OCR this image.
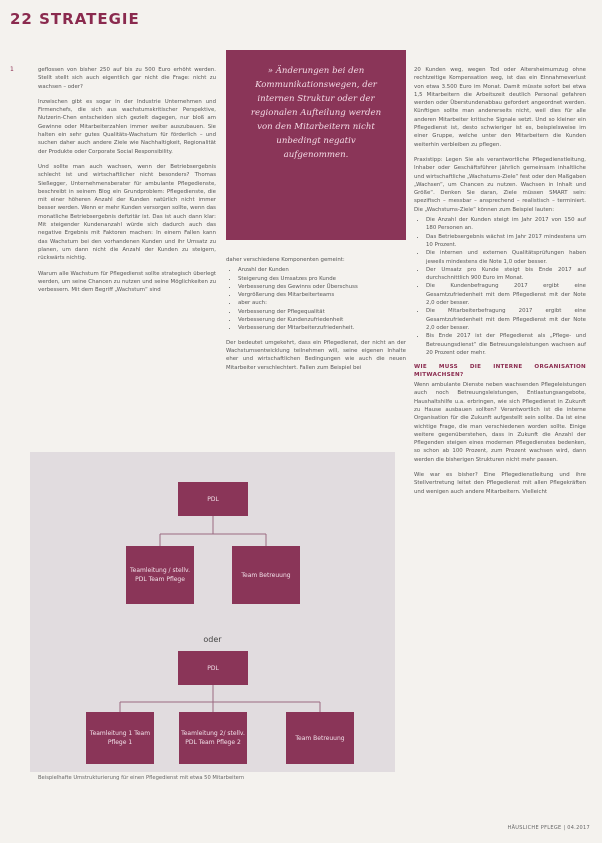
22 STRATEGIE
1	geflossen von bisher 250 auf bis zu 500 Euro erhöht werden. Stellt stellt sich auch eigentlich gar nicht die Frage: nicht zu wachsen – oder?

Inzwischen gibt es sogar in der Industrie Unternehmen und Firmenchefs, die sich aus wachstumskritischer Perspektive, Nutzerin-Chen entscheiden sich gezielt dagegen, nur bloß am Gewinne oder Mitarbeiterzahlen immer weiter auszubauen. Sie halten ein sehr gutes Qualitäts-Wachstum für förderlich – und suchen daher auch andere Ziele wie Nachhaltigkeit, Regionalität der Produkte oder Corporate Social Responsibility.

Und sollte man auch wachsen, wenn der Betriebsergebnis schlecht ist und wirtschaftlicher nicht besonders? Thomas Sießegger, Unternehmensberater für ambulante Pflegedienste, beschreibt in seinem Blog ein Grundproblem: Pflegedienste, die mit einer höheren Anzahl der Kunden natürlich nicht immer besser werden. Wenn er mehr Kunden versorgen sollte, wenn das monatliche Betriebsergebnis defizitär ist. Das ist auch dann klar: Mit steigender Kundenanzahl würde sich dadurch auch das negative Ergebnis mit Faktoren machen: In einem Fallen kann das Wachstum bei den vorhandenen Kunden und ihr Umsatz zu planen, um dann nicht die Anzahl der Kunden zu steigern, rückwärts nichtig.

Warum alle Wachstum für Pflegedienst sollte strategisch überlegt werden, um seine Chancen zu nutzen und seine Möglichkeiten zu verbessern. Mit dem Begriff „Wachstum“ sind

» Änderungen bei den Kommunikationswegen, der internen Struktur oder der regionalen Aufteilung werden von den Mitarbeitern nicht unbedingt negativ aufgenommen.

daher verschiedene Komponenten gemeint:

• Anzahl der Kunden
• Steigerung des Umsatzes pro Kunde
• Verbesserung des Gewinns oder Überschuss
• Vergrößerung des Mitarbeiterteams
• aber auch:
• Verbesserung der Pflegequalität
• Verbesserung der Kundenzufriedenheit
• Verbesserung der Mitarbeiterzufriedenheit.

Der bedeutet umgekehrt, dass ein Pflegedienst, der nicht an der Wachstumsentwicklung teilnehmen will, seine eigenen Inhalte eher und wirtschaftlichen Bedingungen wie auch die neuen Mitarbeiter verschlechtert. Fallen zum Beispiel bei

20 Kunden weg, wegen Tod oder Altersheimumzug ohne rechtzeitige Kompensation weg, ist das ein Einnahmeverlust von etwa 3.500 Euro im Monat. Damit müsste sofort bei etwa 1,5 Mitarbeitern die Arbeitszeit deutlich Personal gefahren werden oder Überstundenabbau gefordert angeordnet werden. Künftigen sollte man andererseits nicht, weil dies für alle anderen Mitarbeiter kritische Signale setzt. Und so kleiner ein Pflegedienst ist, desto schwieriger ist es, beispielsweise im einer Gruppe, welche unter den Mitarbeitern die Kunden weiterhin verbleiben zu pflegen.

Praxistipp: Legen Sie als verantwortliche Pflegedienstleitung, Inhaber oder Geschäftsführer jährlich gemeinsam inhaltliche und wirtschaftliche „Wachstums-Ziele“ fest oder den Maßgaben „Wachsen“, um Chancen zu nutzen. Wachsen in Inhalt und Größe“. Denken Sie daran, Ziele müssen SMART sein: spezifisch – messbar – ansprechend – realistisch – terminiert. Die „Wachstums-Ziele“ können zum Beispiel lauten:

• Die Anzahl der Kunden steigt im Jahr 2017 von 150 auf 180 Personen an.
• Das Betriebsergebnis wächst im Jahr 2017 mindestens um 10 Prozent.
• Die internen und externen Qualitätsprüfungen haben jeweils mindestens die Note 1,0 oder besser.
• Der Umsatz pro Kunde steigt bis Ende 2017 auf durchschnittlich 900 Euro im Monat.
• Die Kundenbefragung 2017 ergibt eine Gesamtzufriedenheit mit dem Pflegedienst mit der Note 2,0 oder besser.
• Die Mitarbeiterbefragung 2017 ergibt eine Gesamtzufriedenheit mit dem Pflegedienst mit der Note 2,0 oder besser.
• Bis Ende 2017 ist der Pflegedienst als „Pflege- und Betreuungsdienst“ die Betreuungsleistungen wachsen auf 20 Prozent oder mehr.
WIE MUSS DIE INTERNE ORGANISATION MITWACHSEN?

Wenn ambulante Dienste neben wachsenden Pflegeleistungen auch noch Betreuungsleistungen, Entlastungsangebote, Haushaltshilfe u.a. erbringen, wie sich Pflegedienst in Zukunft zu Hause ausbauen sollten? Verantwortlich ist die interne Organisation für die Zukunft aufgestellt sein sollte. Da ist eine wichtige Frage, die man verschiedenen worden sollte. Einige weitere gegenüberstehen, dass in Zukunft die Anzahl der Pflegenden steigen eines modernen Pflegedienstes bedenken, so schon ab 100 Prozent, zum Prozent wachsen wird, dann werden die bisherigen Strukturen nicht mehr passen.

Wie war es bisher? Eine Pflegedienstleitung und ihre Stellvertretung leitet den Pflegedienst mit allen Pflegekräften und wenigen auch andere Mitarbeitern. Vielleicht

PDL
Teamleitung / stellv. PDL Team Pflege
Team Betreuung
oder
PDL
Teamleitung 1 Team Pflege 1
Teamleitung 2/ stellv. PDL Team Pflege 2
Team Betreuung
Beispielhafte Umstrukturierung für einen Pflegedienst mit etwa 50 Mitarbeitern
HÄUSLICHE PFLEGE | 04.2017
